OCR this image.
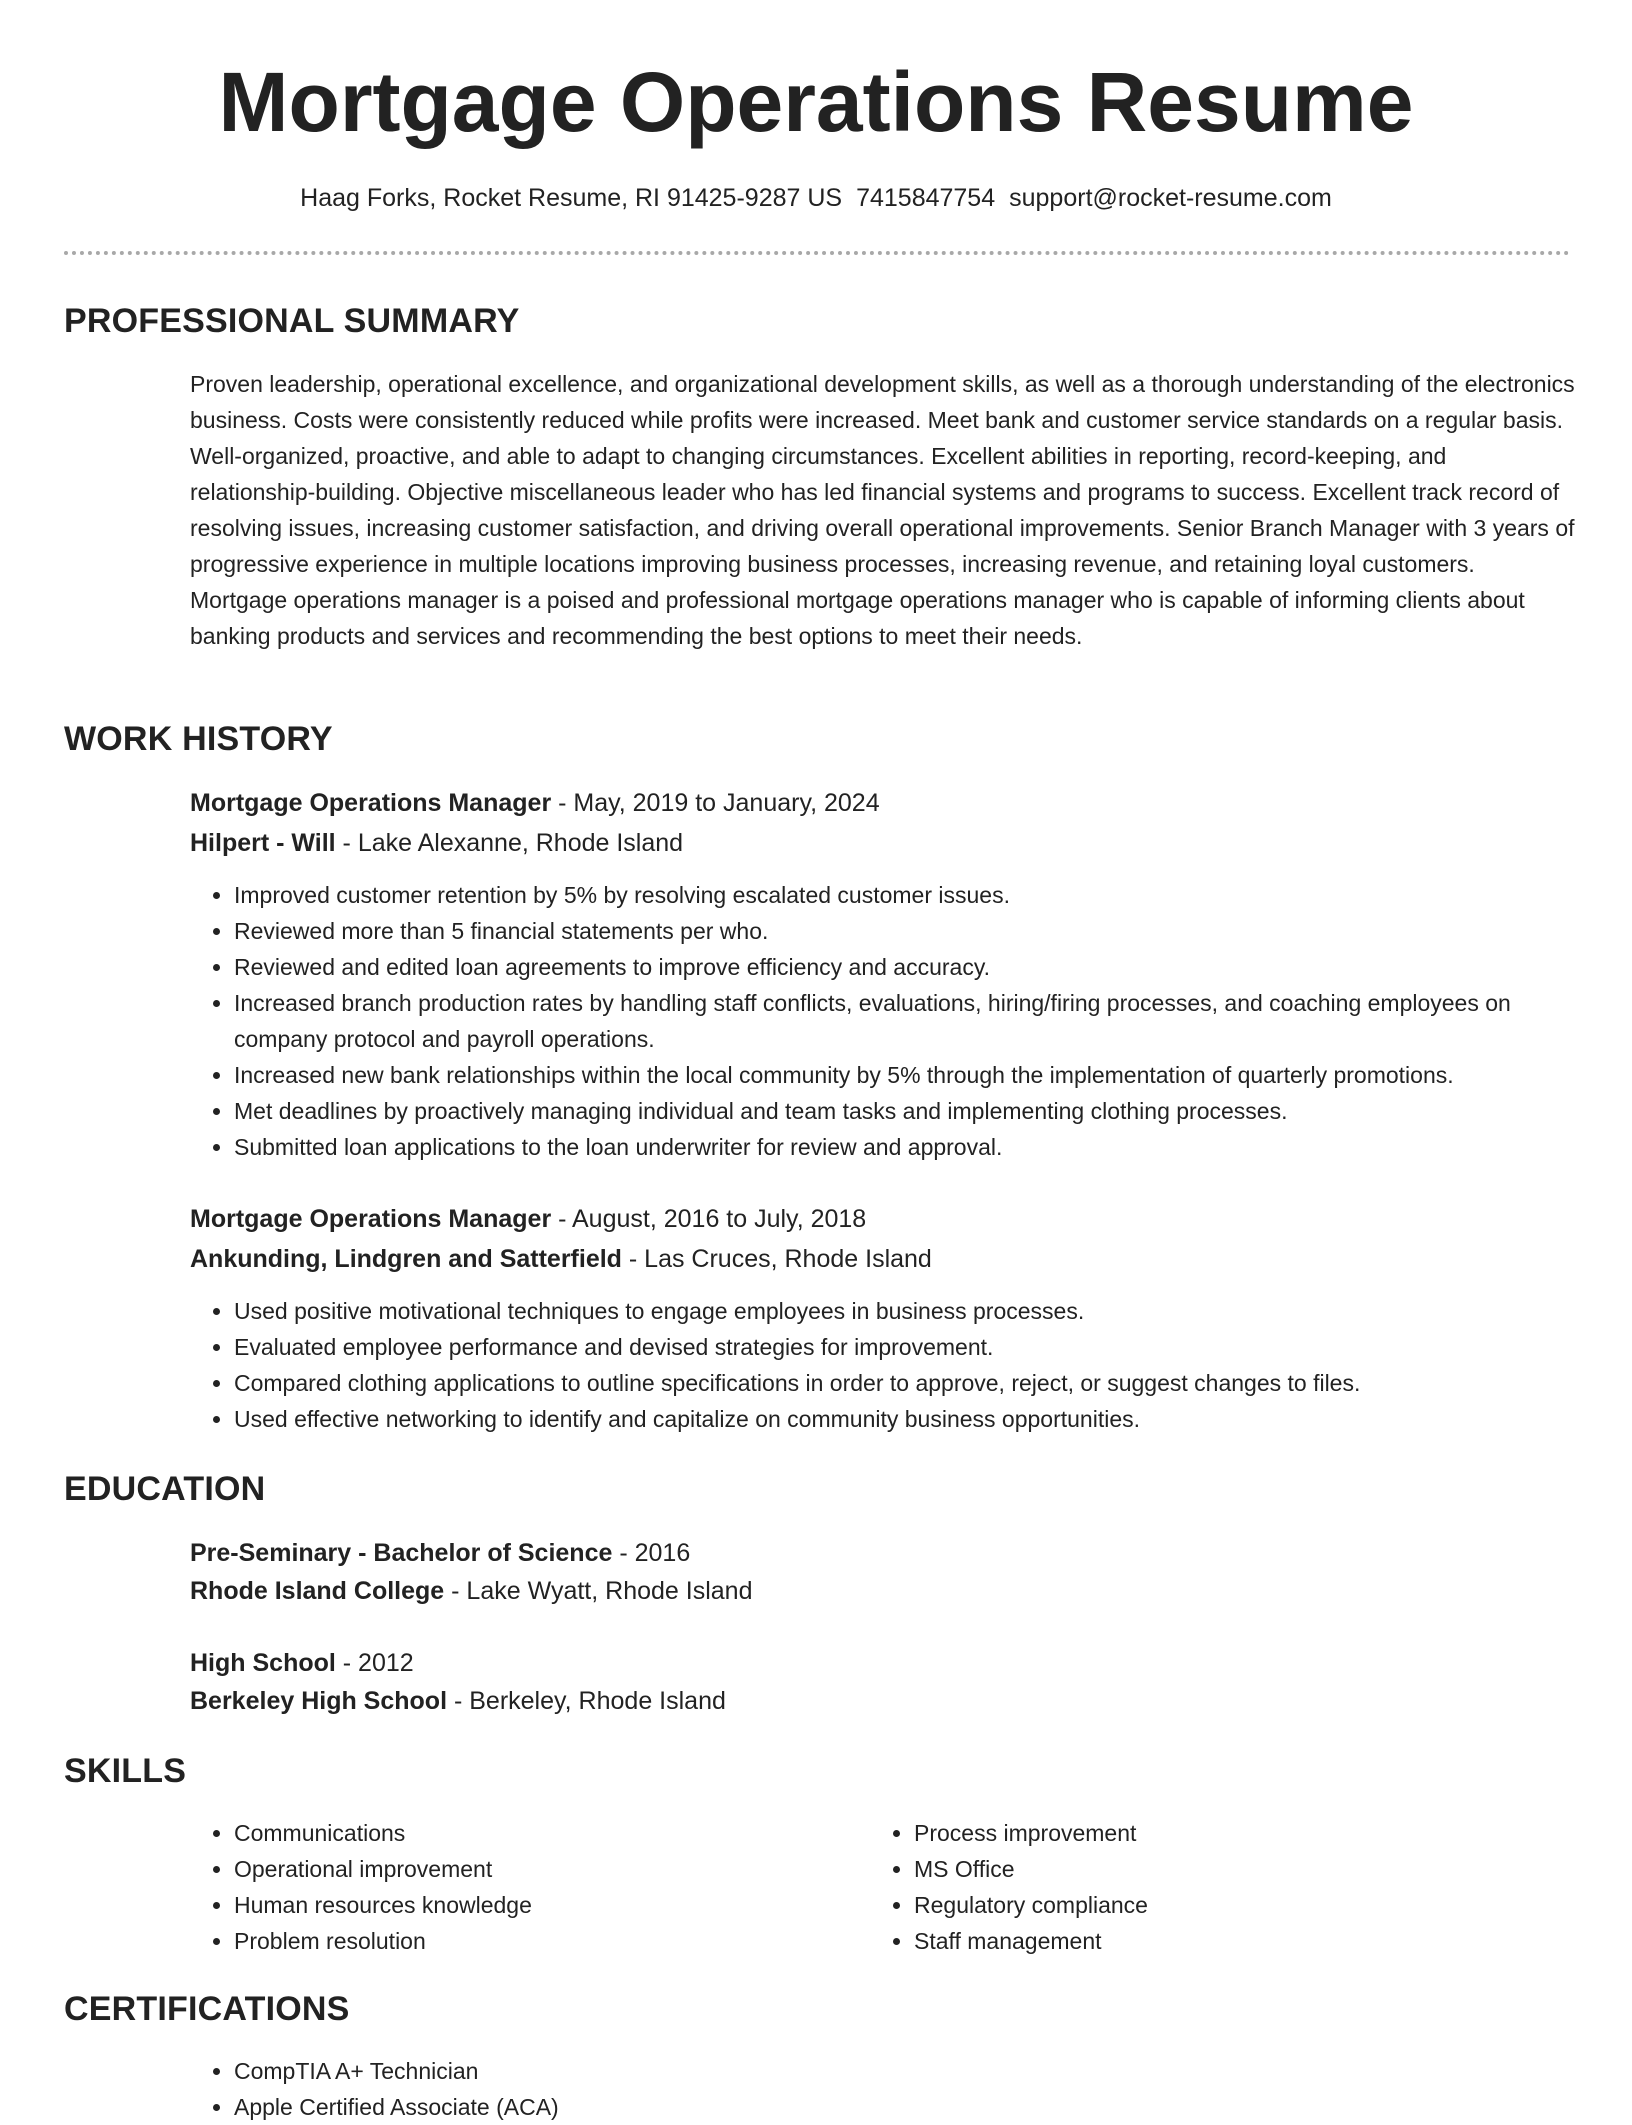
Mortgage Operations Resume
Haag Forks, Rocket Resume, RI 91425-9287 US 7415847754 support@rocket-resume.com
PROFESSIONAL SUMMARY

Proven leadership, operational excellence, and organizational development skills, as well as a thorough understanding of the electronics business. Costs were consistently reduced while profits were increased. Meet bank and customer service standards on a regular basis. Well-organized, proactive, and able to adapt to changing circumstances. Excellent abilities in reporting, record-keeping, and relationship-building. Objective miscellaneous leader who has led financial systems and programs to success. Excellent track record of resolving issues, increasing customer satisfaction, and driving overall operational improvements. Senior Branch Manager with 3 years of progressive experience in multiple locations improving business processes, increasing revenue, and retaining loyal customers. Mortgage operations manager is a poised and professional mortgage operations manager who is capable of informing clients about banking products and services and recommending the best options to meet their needs.

WORK HISTORY
Mortgage Operations Manager - May, 2019 to January, 2024
Hilpert - Will - Lake Alexanne, Rhode Island
• Improved customer retention by 5% by resolving escalated customer issues.
• Reviewed more than 5 financial statements per who.
• Reviewed and edited loan agreements to improve efficiency and accuracy.
• Increased branch production rates by handling staff conflicts, evaluations, hiring/firing processes, and coaching employees on company protocol and payroll operations.
• Increased new bank relationships within the local community by 5% through the implementation of quarterly promotions.
• Met deadlines by proactively managing individual and team tasks and implementing clothing processes.
• Submitted loan applications to the loan underwriter for review and approval.
Mortgage Operations Manager - August, 2016 to July, 2018
Ankunding, Lindgren and Satterfield - Las Cruces, Rhode Island
• Used positive motivational techniques to engage employees in business processes.
• Evaluated employee performance and devised strategies for improvement.
• Compared clothing applications to outline specifications in order to approve, reject, or suggest changes to files.
• Used effective networking to identify and capitalize on community business opportunities.
EDUCATION
Pre-Seminary - Bachelor of Science - 2016
Rhode Island College - Lake Wyatt, Rhode Island
High School - 2012
Berkeley High School - Berkeley, Rhode Island
SKILLS
• Communications
• Operational improvement
• Human resources knowledge
• Problem resolution
• Process improvement
• MS Office
• Regulatory compliance
• Staff management
CERTIFICATIONS
• CompTIA A+ Technician
• Apple Certified Associate (ACA)
